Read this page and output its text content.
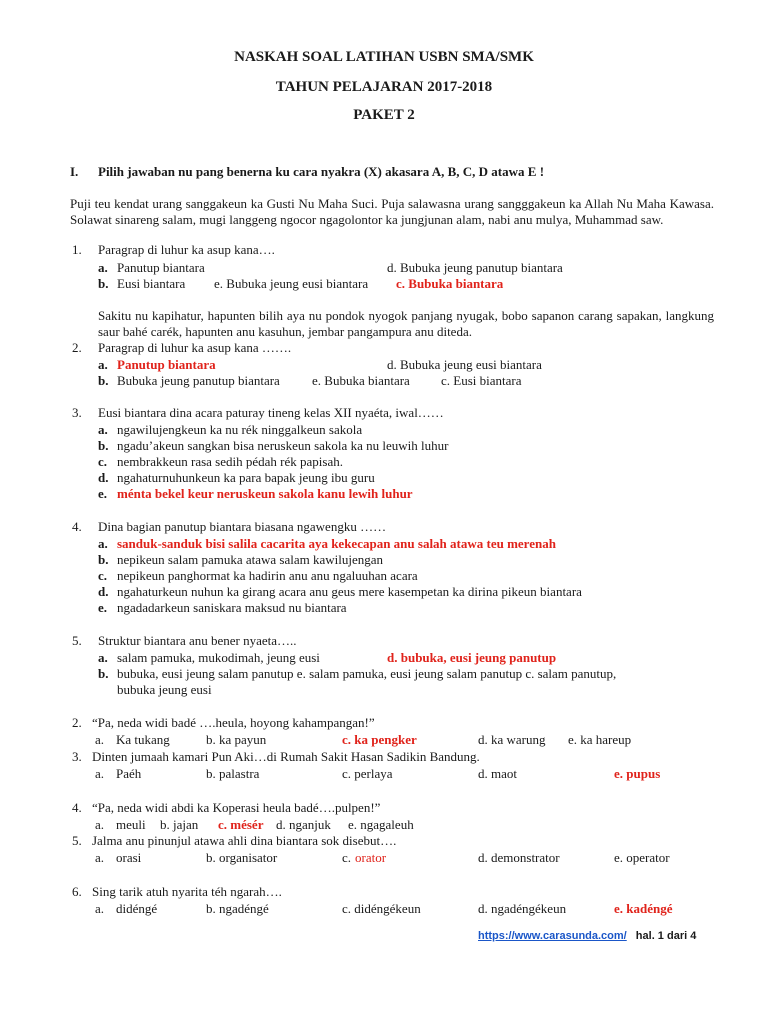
NASKAH SOAL LATIHAN USBN SMA/SMK
TAHUN PELAJARAN 2017-2018
PAKET 2
I. Pilih jawaban nu pang benerna ku cara nyakra (X) akasara A, B, C, D atawa E !
Puji teu kendat urang sanggakeun ka Gusti Nu Maha Suci. Puja salawasna urang sangggakeun ka Allah Nu Maha Kawasa. Solawat sinareng salam, mugi langgeng ngocor ngagolontor ka jungjunan alam, nabi anu mulya, Muhammad saw.
1. Paragrap di luhur ka asup kana….
a. Panutup biantara	d. Bubuka jeung panutup biantara
b. Eusi biantara e. Bubuka jeung eusi biantara c. Bubuka biantara
Sakitu nu kapihatur, hapunten bilih aya nu pondok nyogok panjang nyugak, bobo sapanon carang sapakan, langkung saur bahé carék, hapunten anu kasuhun, jembar pangampura anu diteda.
2. Paragrap di luhur ka asup kana …….
a. Panutup biantara	d. Bubuka jeung eusi biantara
b. Bubuka jeung panutup biantara e. Bubuka biantara c. Eusi biantara
3. Eusi biantara dina acara paturay tineng kelas XII nyaéta, iwal……
a. ngawilujengkeun ka nu rék ninggalkeun sakola
b. ngadu’akeun sangkan bisa neruskeun sakola ka nu leuwih luhur
c. nembrakkeun rasa sedih pédah rék papisah.
d. ngahaturnuhunkeun ka para bapak jeung ibu guru
e. ménta bekel keur neruskeun sakola kanu lewih luhur
4. Dina bagian panutup biantara biasana ngawengku ……
a. sanduk-sanduk bisi salila cacarita aya kekecapan anu salah atawa teu merenah
b. nepikeun salam pamuka atawa salam kawilujengan
c. nepikeun panghormat ka hadirin anu anu ngaluuhan acara
d. ngahaturkeun nuhun ka girang acara anu geus mere kasempetan ka dirina pikeun biantara
e. ngadadarkeun saniskara maksud nu biantara
5. Struktur biantara anu bener nyaeta…..
a. salam pamuka, mukodimah, jeung eusi	d. bubuka, eusi jeung panutup
b. bubuka, eusi jeung salam panutup e. salam pamuka, eusi jeung salam panutup c. salam panutup,
bubuka jeung eusi
2. “Pa, neda widi badé ….heula, hoyong kahampangan!”
a. Ka tukang	b. ka payun	c. ka pengker	d. ka warung e. ka hareup
3. Dinten jumaah kamari Pun Aki…di Rumah Sakit Hasan Sadikin Bandung.
a. Paéh	b. palastra	c. perlaya	d. maot	e. pupus
4. “Pa, neda widi abdi ka Koperasi heula badé….pulpen!”
a. meuli b. jajan c. mésér d. nganjuk e. ngagaleuh
5. Jalma anu pinunjul atawa ahli dina biantara sok disebut….
a. orasi	b. organisator	c. orator	d. demonstrator	e. operator
6. Sing tarik atuh nyarita téh ngarah….
a. didéngé	b. ngadéngé	c. didéngékeun	d. ngadéngékeun	e. kadéngé
https://www.carasunda.com/ hal. 1 dari 4
